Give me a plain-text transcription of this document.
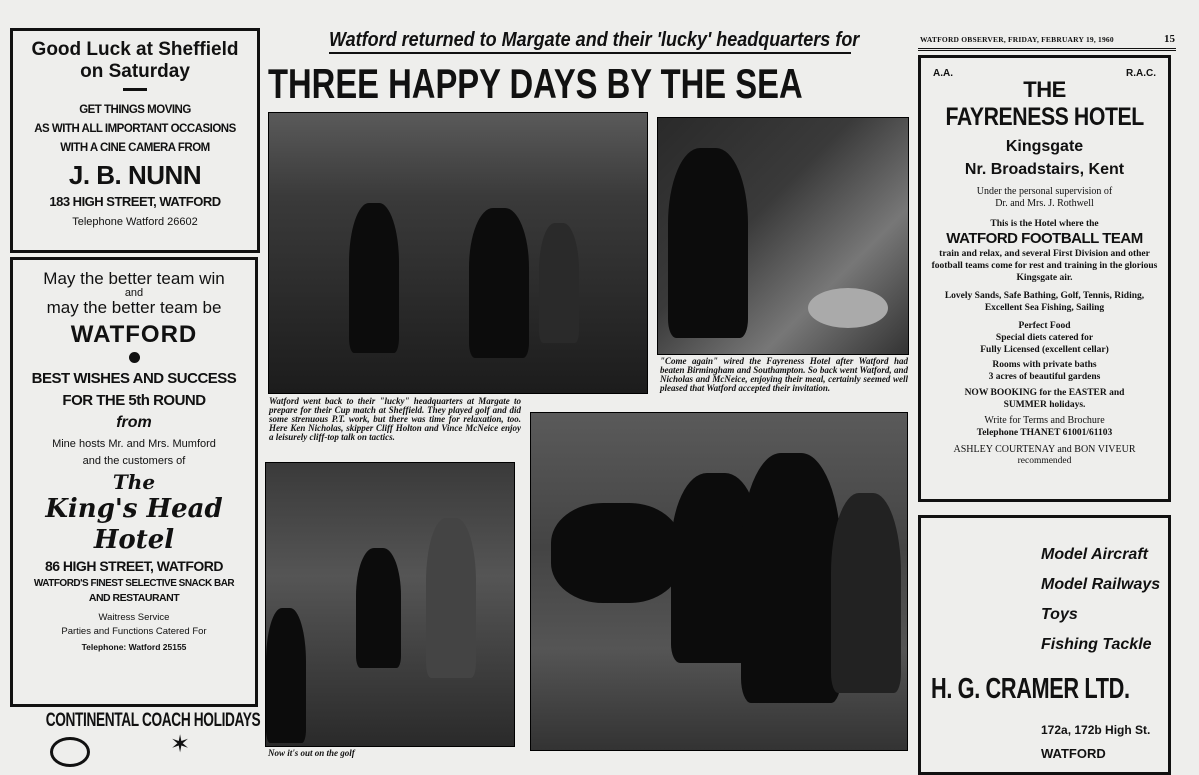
Good Luck at Sheffield
on Saturday
GET THINGS MOVING
AS WITH ALL IMPORTANT OCCASIONS
WITH A CINE CAMERA FROM
J. B. NUNN
183 HIGH STREET, WATFORD
Telephone Watford 26602
May the better team win
and
may the better team be
WATFORD
BEST WISHES AND SUCCESS
FOR THE 5th ROUND
from
Mine hosts Mr. and Mrs. Mumford
and the customers of
The
King's Head
Hotel
86 HIGH STREET, WATFORD
WATFORD'S FINEST SELECTIVE SNACK BAR
AND RESTAURANT
Waitress Service
Parties and Functions Catered For
Telephone: Watford 25155
CONTINENTAL COACH HOLIDAYS
✶
Watford returned to Margate and their 'lucky' headquarters for
THREE HAPPY DAYS BY THE SEA
Watford went back to their "lucky" headquarters at Margate to prepare for their Cup match at Sheffield. They played golf and did some strenuous P.T. work, but there was time for relaxation, too. Here Ken Nicholas, skipper Cliff Holton and Vince McNeice enjoy a leisurely cliff-top talk on tactics.
"Come again" wired the Fayreness Hotel after Watford had beaten Birmingham and Southampton. So back went Watford, and Nicholas and McNeice, enjoying their meal, certainly seemed well pleased that Watford accepted their invitation.
Now it's out on the golf
WATFORD OBSERVER, FRIDAY, FEBRUARY 19, 1960	15
A.A.	R.A.C.
THE
FAYRENESS HOTEL
Kingsgate
Nr. Broadstairs, Kent
Under the personal supervision of
Dr. and Mrs. J. Rothwell
This is the Hotel where the
WATFORD FOOTBALL TEAM
train and relax, and several First Division and other football teams come for rest and training in the glorious Kingsgate air.
Lovely Sands, Safe Bathing, Golf, Tennis, Riding, Excellent Sea Fishing, Sailing
Perfect Food
Special diets catered for
Fully Licensed (excellent cellar)
Rooms with private baths
3 acres of beautiful gardens
NOW BOOKING for the EASTER and SUMMER holidays.
Write for Terms and Brochure
Telephone THANET 61001/61103
ASHLEY COURTENAY and BON VIVEUR
recommended
Model Aircraft
Model Railways
Toys
Fishing Tackle
H. G. CRAMER LTD.
172a, 172b High St.
WATFORD
